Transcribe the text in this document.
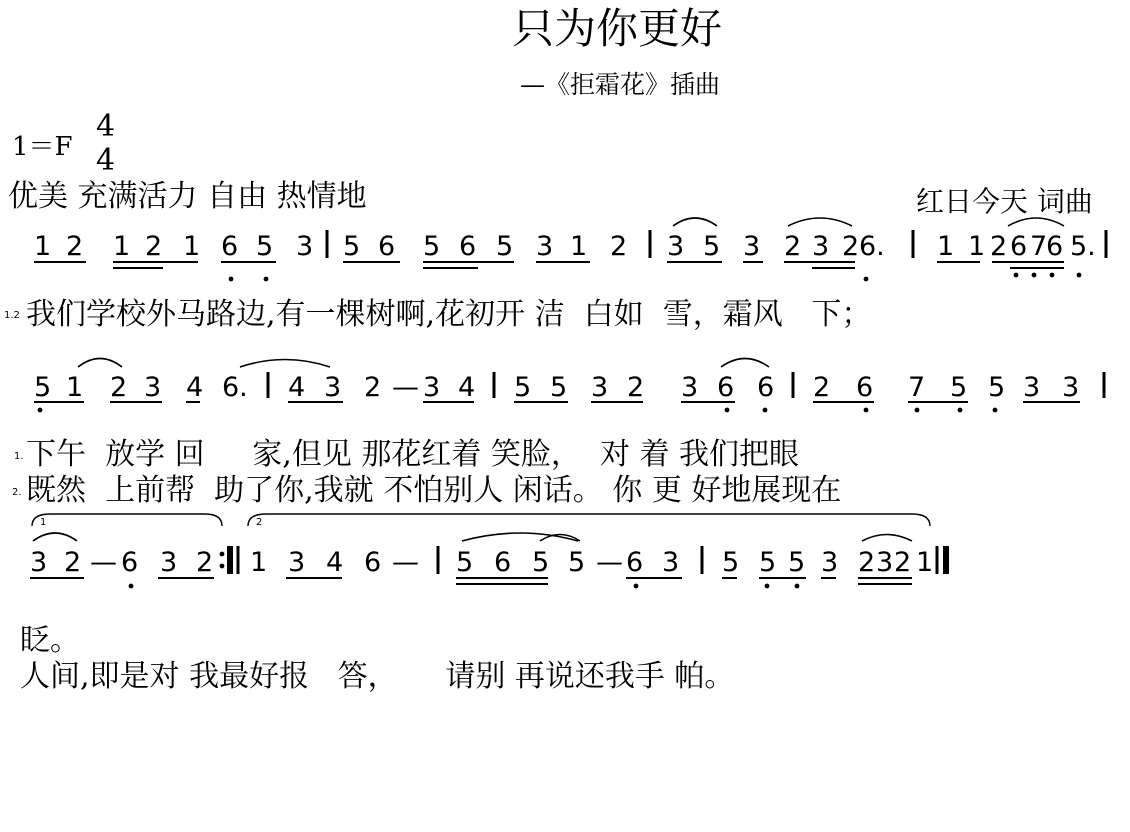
只为你更好
—《拒霜花》插曲
1＝F
4
4
优美 充满活力 自由 热情地	红日今天 词曲
1.2 我们学校外马路边,有一棵树啊,花初开 洁  白如  雪，霜风   下；
1. 下午  放学 回     家,但见 那花红着 笑脸，  对 着 我们把眼
2. 既然  上前帮  助了你,我就 不怕别人 闲话。 你 更 好地展现在
眨。
人间,即是对 我最好报   答，     请别 再说还我手 帕。
1 2 1 2 1 6 5 3 5 6 5 6 5 3 1 2 3 5 3 2 3 2 6. 1 1 2 6 7
6 5.
5 1 2 3 4 6. 4 3 2 — 3 4 5 5 3 2 3 6 6 2 6 7 5 5 3 3
3 2 — 6 3 2 1 3 4 6 — 5 6 5 5 — 6 3 5 5 5 3 2 3 2 1
1	2
